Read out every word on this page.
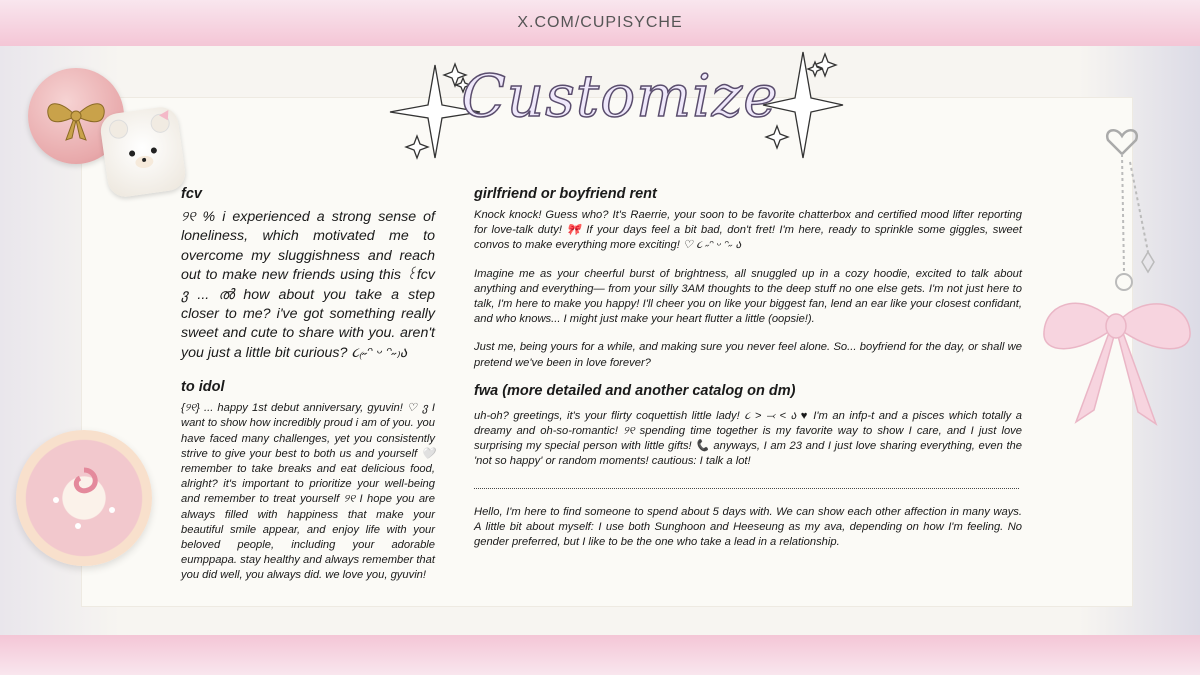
X.COM/CUPISYCHE
Customize
fcv

୨୧ % i experienced a strong sense of loneliness, which motivated me to overcome my sluggishness and reach out to make new friends using this ꒰fcv ვ ... ൽ how about you take a step closer to me? i've got something really sweet and cute to share with you. aren't you just a little bit curious? ૮₍˶ᵔ ᵕ ᵔ˶₎ა

to idol

{୨୧} ... happy 1st debut anniversary, gyuvin! ♡ ვ I want to show how incredibly proud i am of you. you have faced many challenges, yet you consistently strive to give your best to both us and yourself 🤍 remember to take breaks and eat delicious food, alright? it's important to prioritize your well-being and remember to treat yourself ୨୧ I hope you are always filled with happiness that make your beautiful smile appear, and enjoy life with your beloved people, including your adorable eumppapa. stay healthy and always remember that you did well, you always did. we love you, gyuvin!

girlfriend or boyfriend rent

Knock knock! Guess who? It's Raerrie, your soon to be favorite chatterbox and certified mood lifter reporting for love-talk duty! 🎀 If your days feel a bit bad, don't fret! I'm here, ready to sprinkle some giggles, sweet convos to make everything more exciting! ♡ ૮ ˶ᵔ ᵕ ᵔ˶ ა

Imagine me as your cheerful burst of brightness, all snuggled up in a cozy hoodie, excited to talk about anything and everything— from your silly 3AM thoughts to the deep stuff no one else gets. I'm not just here to talk, I'm here to make you happy! I'll cheer you on like your biggest fan, lend an ear like your closest confidant, and who knows... I might just make your heart flutter a little (oopsie!).

Just me, being yours for a while, and making sure you never feel alone. So... boyfriend for the day, or shall we pretend we've been in love forever?

fwa (more detailed and another catalog on dm)

uh-oh? greetings, it's your flirty coquettish little lady! ૮ ˃ ⤙ ˂ ა ♥ I'm an infp-t and a pisces which totally a dreamy and oh-so-romantic! ୨୧ spending time together is my favorite way to show I care, and I just love surprising my special person with little gifts! 📞 anyways, I am 23 and I just love sharing everything, even the 'not so happy' or random moments! cautious: I talk a lot!

Hello, I'm here to find someone to spend about 5 days with. We can show each other affection in many ways. A little bit about myself: I use both Sunghoon and Heeseung as my ava, depending on how I'm feeling. No gender preferred, but I like to be the one who take a lead in a relationship.
